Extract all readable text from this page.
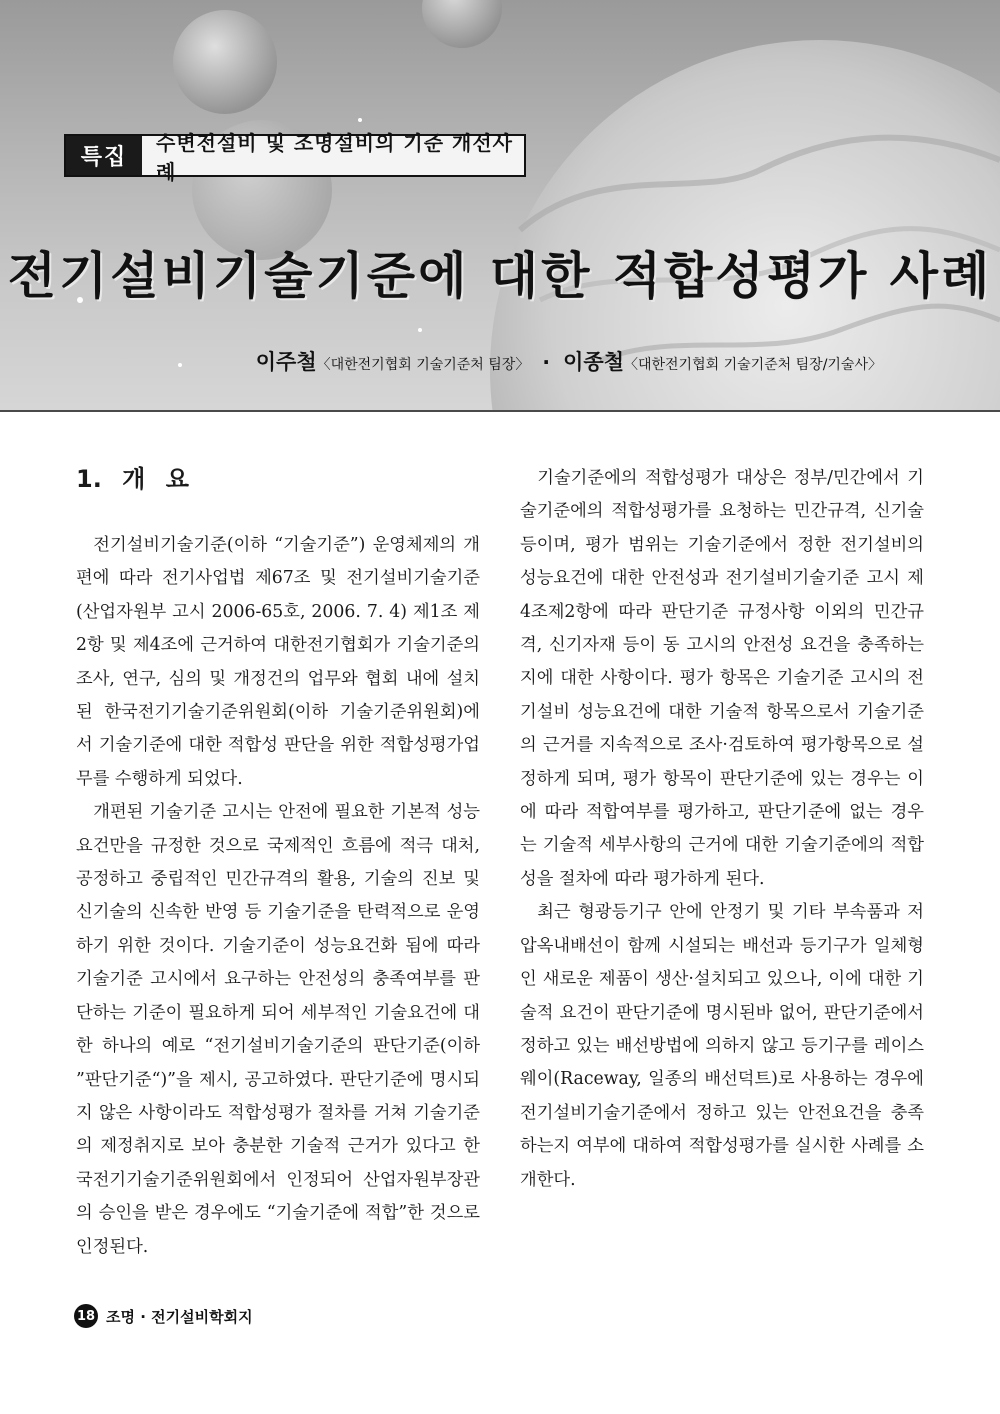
특집
수변전설비 및 조명설비의 기준 개선사례
전기설비기술기준에 대한 적합성평가 사례
이주철〈대한전기협회 기술기준처 팀장〉 · 이종철〈대한전기협회 기술기준처 팀장/기술사〉
1. 개 요

전기설비기술기준(이하 “기술기준”) 운영체제의 개편에 따라 전기사업법 제67조 및 전기설비기술기준(산업자원부 고시 2006-65호, 2006. 7. 4) 제1조 제2항 및 제4조에 근거하여 대한전기협회가 기술기준의 조사, 연구, 심의 및 개정건의 업무와 협회 내에 설치된 한국전기기술기준위원회(이하 기술기준위원회)에서 기술기준에 대한 적합성 판단을 위한 적합성평가업무를 수행하게 되었다.

개편된 기술기준 고시는 안전에 필요한 기본적 성능 요건만을 규정한 것으로 국제적인 흐름에 적극 대처, 공정하고 중립적인 민간규격의 활용, 기술의 진보 및 신기술의 신속한 반영 등 기술기준을 탄력적으로 운영하기 위한 것이다. 기술기준이 성능요건화 됨에 따라 기술기준 고시에서 요구하는 안전성의 충족여부를 판단하는 기준이 필요하게 되어 세부적인 기술요건에 대한 하나의 예로 “전기설비기술기준의 판단기준(이하 ”판단기준“)”을 제시, 공고하였다. 판단기준에 명시되지 않은 사항이라도 적합성평가 절차를 거쳐 기술기준의 제정취지로 보아 충분한 기술적 근거가 있다고 한국전기기술기준위원회에서 인정되어 산업자원부장관의 승인을 받은 경우에도 “기술기준에 적합”한 것으로 인정된다.

기술기준에의 적합성평가 대상은 정부/민간에서 기술기준에의 적합성평가를 요청하는 민간규격, 신기술 등이며, 평가 범위는 기술기준에서 정한 전기설비의 성능요건에 대한 안전성과 전기설비기술기준 고시 제4조제2항에 따라 판단기준 규정사항 이외의 민간규격, 신기자재 등이 동 고시의 안전성 요건을 충족하는지에 대한 사항이다. 평가 항목은 기술기준 고시의 전기설비 성능요건에 대한 기술적 항목으로서 기술기준의 근거를 지속적으로 조사·검토하여 평가항목으로 설정하게 되며, 평가 항목이 판단기준에 있는 경우는 이에 따라 적합여부를 평가하고, 판단기준에 없는 경우는 기술적 세부사항의 근거에 대한 기술기준에의 적합성을 절차에 따라 평가하게 된다.

최근 형광등기구 안에 안정기 및 기타 부속품과 저압옥내배선이 함께 시설되는 배선과 등기구가 일체형인 새로운 제품이 생산·설치되고 있으나, 이에 대한 기술적 요건이 판단기준에 명시된바 없어, 판단기준에서 정하고 있는 배선방법에 의하지 않고 등기구를 레이스웨이(Raceway, 일종의 배선덕트)로 사용하는 경우에 전기설비기술기준에서 정하고 있는 안전요건을 충족하는지 여부에 대하여 적합성평가를 실시한 사례를 소개한다.

18 조명 · 전기설비학회지
